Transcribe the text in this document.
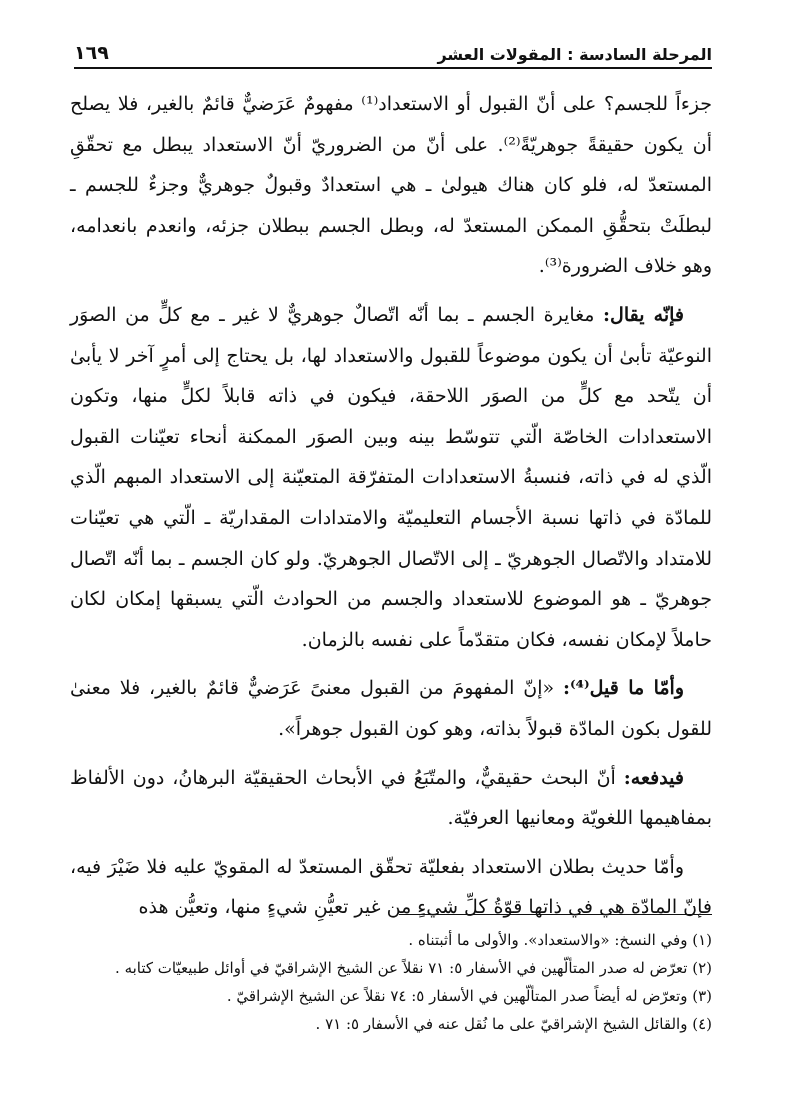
المرحلة السادسة : المقولات العشر
١٦٩

جزءاً للجسم؟ على أنّ القبول أو الاستعداد⁽¹⁾ مفهومٌ عَرَضيٌّ قائمٌ بالغير، فلا يصلح أن يكون حقيقةً جوهريّةً⁽²⁾. على أنّ من الضروريّ أنّ الاستعداد يبطل مع تحقّقِ المستعدّ له، فلو كان هناك هيولىٰ ـ هي استعدادٌ وقبولٌ جوهريٌّ وجزءٌ للجسم ـ لبطلَتْ بتحقُّقِ الممكن المستعدّ له، وبطل الجسم ببطلان جزئه، وانعدم بانعدامه، وهو خلاف الضرورة⁽³⁾.

فإنّه يقال: مغايرة الجسم ـ بما أنّه اتّصالٌ جوهريٌّ لا غير ـ مع كلٍّ من الصوَر النوعيّة تأبىٰ أن يكون موضوعاً للقبول والاستعداد لها، بل يحتاج إلى أمرٍ آخر لا يأبىٰ أن يتّحد مع كلٍّ من الصوَر اللاحقة، فيكون في ذاته قابلاً لكلٍّ منها، وتكون الاستعدادات الخاصّة الّتي تتوسّط بينه وبين الصوَر الممكنة أنحاء تعيّنات القبول الّذي له في ذاته، فنسبةُ الاستعدادات المتفرّقة المتعيّنة إلى الاستعداد المبهم الّذي للمادّة في ذاتها نسبة الأجسام التعليميّة والامتدادات المقداريّة ـ الّتي هي تعيّنات للامتداد والاتّصال الجوهريّ ـ إلى الاتّصال الجوهريّ. ولو كان الجسم ـ بما أنّه اتّصال جوهريّ ـ هو الموضوع للاستعداد والجسم من الحوادث الّتي يسبقها إمكان لكان حاملاً لإمكان نفسه، فكان متقدّماً على نفسه بالزمان.

وأمّا ما قيل⁽⁴⁾: «إنّ المفهومَ من القبول معنىً عَرَضيٌّ قائمٌ بالغير، فلا معنىٰ للقول بكون المادّة قبولاً بذاته، وهو كون القبول جوهراً».

فيدفعه: أنّ البحث حقيقيٌّ، والمتّبَعُ في الأبحاث الحقيقيّة البرهانُ، دون الألفاظ بمفاهيمها اللغويّة ومعانيها العرفيّة.

وأمّا حديث بطلان الاستعداد بفعليّة تحقّق المستعدّ له المقويّ عليه فلا ضَيْرَ فيه، فإنّ المادّة هي في ذاتها قوّةُ كلِّ شيءٍ من غير تعيُّنِ شيءٍ منها، وتعيُّن هذه

(١) وفي النسخ: «والاستعداد». والأولى ما أثبتناه .
(٢) تعرّض له صدر المتألّهين في الأسفار ٥: ٧١ نقلاً عن الشيخ الإشراقيّ في أوائل طبيعيّات كتابه .
(٣) وتعرّض له أيضاً صدر المتألّهين في الأسفار ٥: ٧٤ نقلاً عن الشيخ الإشراقيّ .
(٤) والقائل الشيخ الإشراقيّ على ما نُقل عنه في الأسفار ٥: ٧١ .
